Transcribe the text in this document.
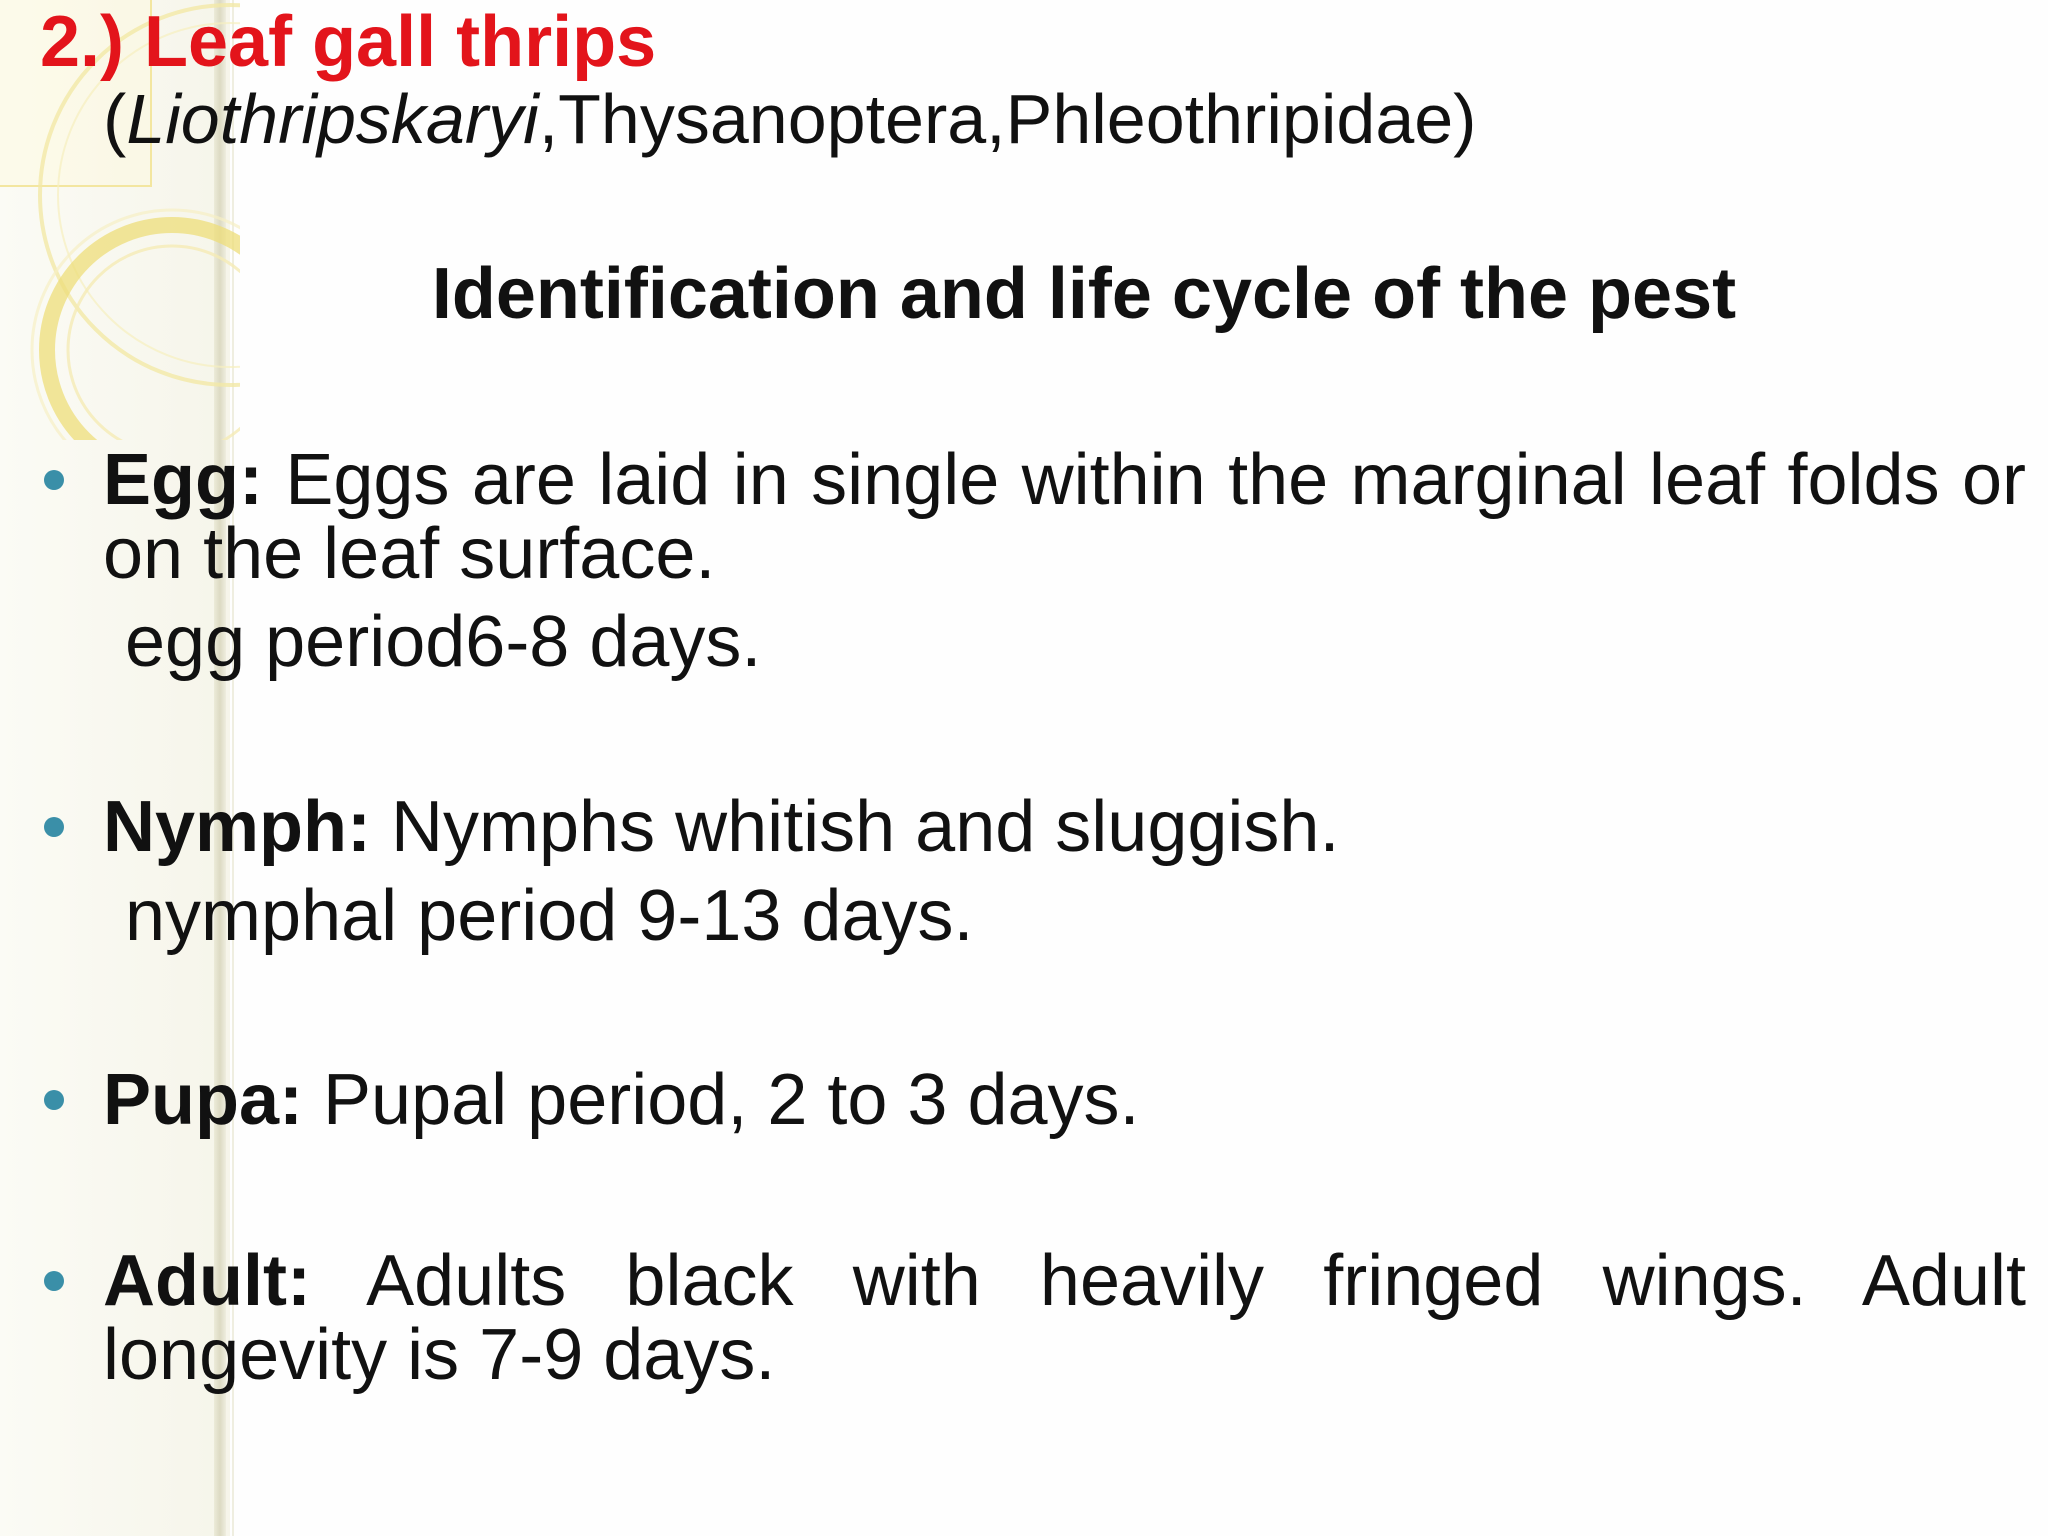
2.) Leaf gall thrips
(Liothripskaryi,Thysanoptera,Phleothripidae)
Identification and life cycle of the pest
Egg: Eggs are laid in single within the marginal leaf folds or on the leaf surface.
egg period6-8 days.
Nymph: Nymphs whitish and sluggish.
nymphal period 9-13 days.
Pupa: Pupal period, 2 to 3 days.
Adult: Adults black with heavily fringed wings. Adult longevity is 7-9 days.
